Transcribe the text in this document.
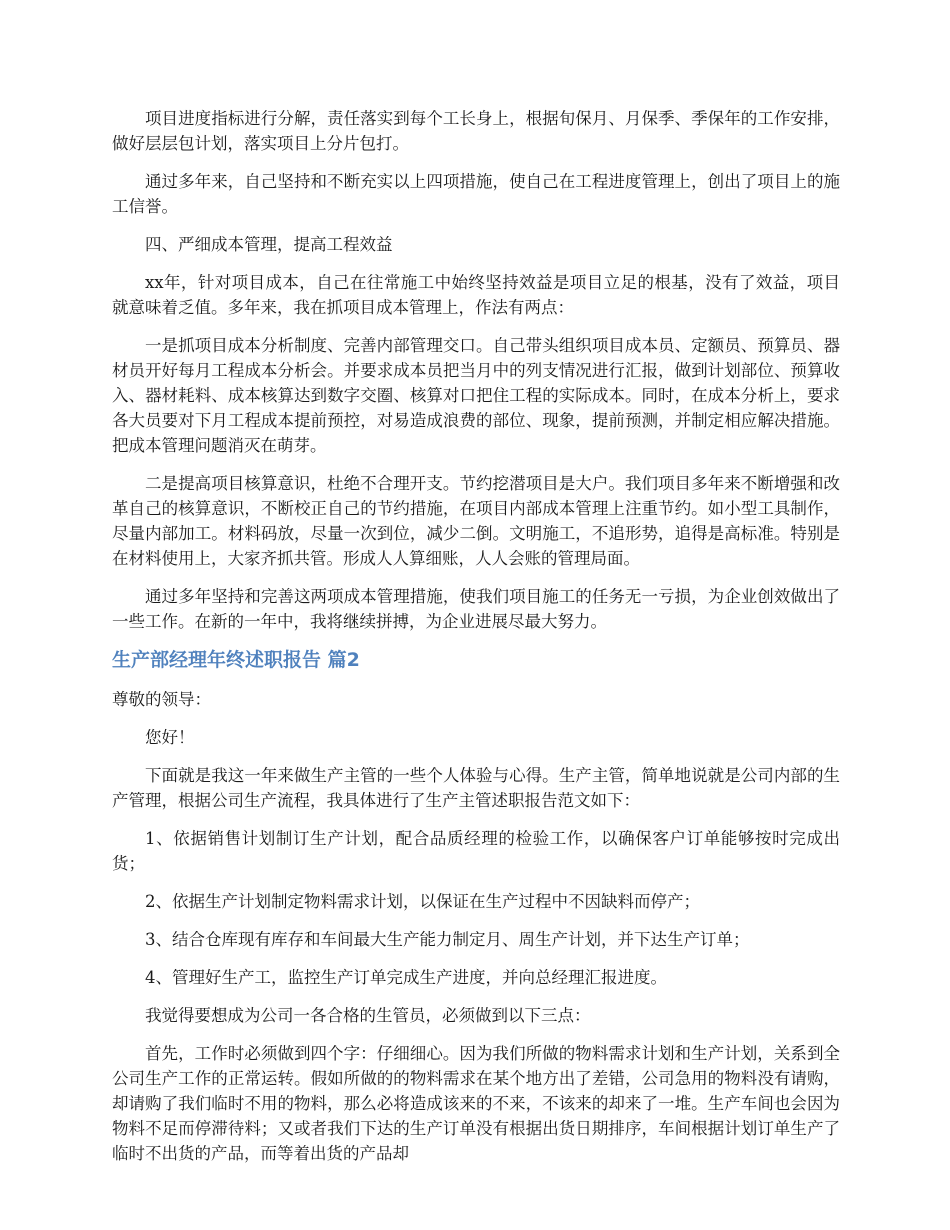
项目进度指标进行分解，责任落实到每个工长身上，根据旬保月、月保季、季保年的工作安排，做好层层包计划，落实项目上分片包打。

通过多年来，自己坚持和不断充实以上四项措施，使自己在工程进度管理上，创出了项目上的施工信誉。

四、严细成本管理，提高工程效益

xx年，针对项目成本，自己在往常施工中始终坚持效益是项目立足的根基，没有了效益，项目就意味着乏值。多年来，我在抓项目成本管理上，作法有两点：

一是抓项目成本分析制度、完善内部管理交口。自己带头组织项目成本员、定额员、预算员、器材员开好每月工程成本分析会。并要求成本员把当月中的列支情况进行汇报，做到计划部位、预算收入、器材耗料、成本核算达到数字交圈、核算对口把住工程的实际成本。同时，在成本分析上，要求各大员要对下月工程成本提前预控，对易造成浪费的部位、现象，提前预测，并制定相应解决措施。把成本管理问题消灭在萌芽。

二是提高项目核算意识，杜绝不合理开支。节约挖潜项目是大户。我们项目多年来不断增强和改革自己的核算意识，不断校正自己的节约措施，在项目内部成本管理上注重节约。如小型工具制作，尽量内部加工。材料码放，尽量一次到位，减少二倒。文明施工，不追形势，追得是高标准。特别是在材料使用上，大家齐抓共管。形成人人算细账，人人会账的管理局面。

通过多年坚持和完善这两项成本管理措施，使我们项目施工的任务无一亏损，为企业创效做出了一些工作。在新的一年中，我将继续拼搏，为企业进展尽最大努力。

生产部经理年终述职报告 篇2

尊敬的领导：

您好！

下面就是我这一年来做生产主管的一些个人体验与心得。生产主管，简单地说就是公司内部的生产管理，根据公司生产流程，我具体进行了生产主管述职报告范文如下：

1、依据销售计划制订生产计划，配合品质经理的检验工作，以确保客户订单能够按时完成出货；

2、依据生产计划制定物料需求计划，以保证在生产过程中不因缺料而停产；

3、结合仓库现有库存和车间最大生产能力制定月、周生产计划，并下达生产订单；

4、管理好生产工，监控生产订单完成生产进度，并向总经理汇报进度。

我觉得要想成为公司一各合格的生管员，必须做到以下三点：

首先，工作时必须做到四个字：仔细细心。因为我们所做的物料需求计划和生产计划，关系到全公司生产工作的正常运转。假如所做的的物料需求在某个地方出了差错，公司急用的物料没有请购，却请购了我们临时不用的物料，那么必将造成该来的不来，不该来的却来了一堆。生产车间也会因为物料不足而停滞待料；又或者我们下达的生产订单没有根据出货日期排序，车间根据计划订单生产了临时不出货的产品，而等着出货的产品却
